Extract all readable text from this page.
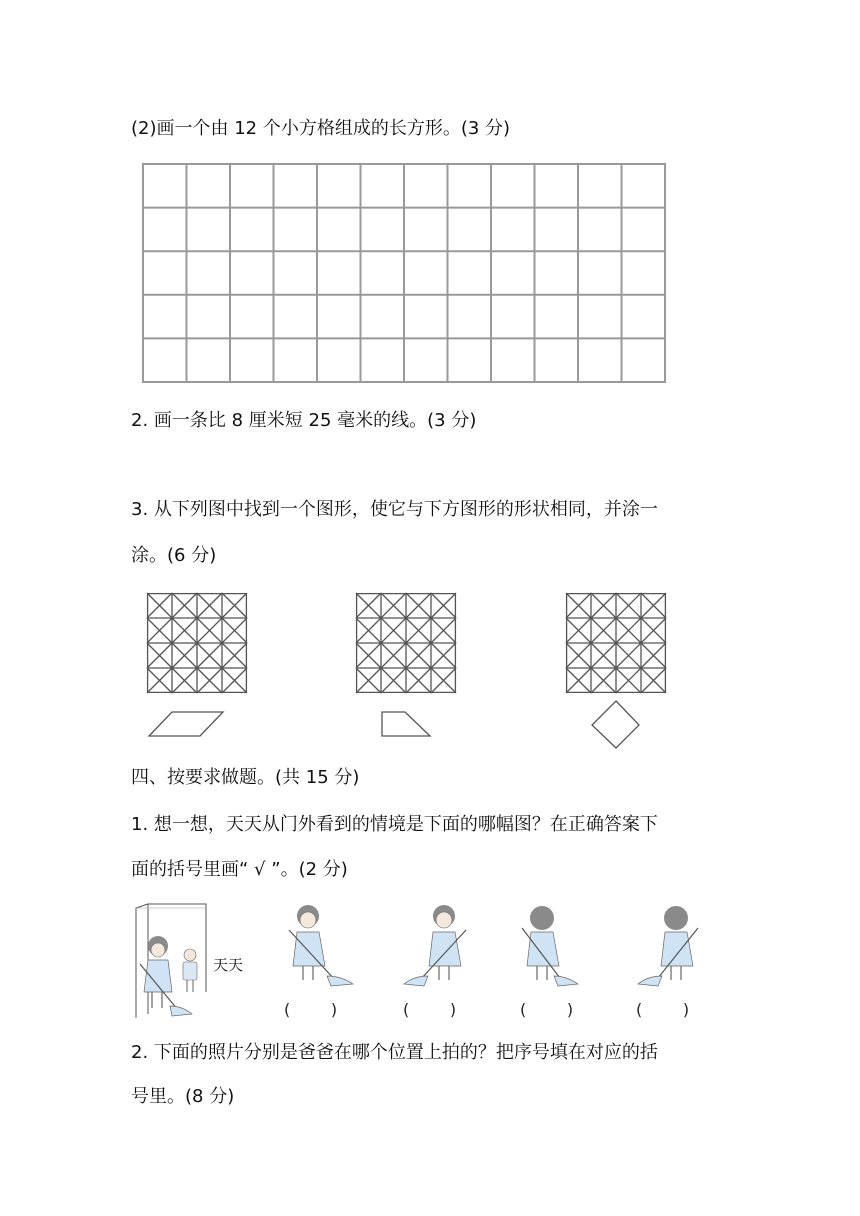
(2)画一个由 12 个小方格组成的长方形。(3 分)
2. 画一条比 8 厘米短 25 毫米的线。(3 分)
3. 从下列图中找到一个图形，使它与下方图形的形状相同，并涂一
涂。(6 分)
四、按要求做题。(共 15 分)
1. 想一想，天天从门外看到的情境是下面的哪幅图？在正确答案下
面的括号里画“ √ ”。(2 分)
天天
(        )	(        )	(        )	(        )
2. 下面的照片分别是爸爸在哪个位置上拍的？把序号填在对应的括
号里。(8 分)
